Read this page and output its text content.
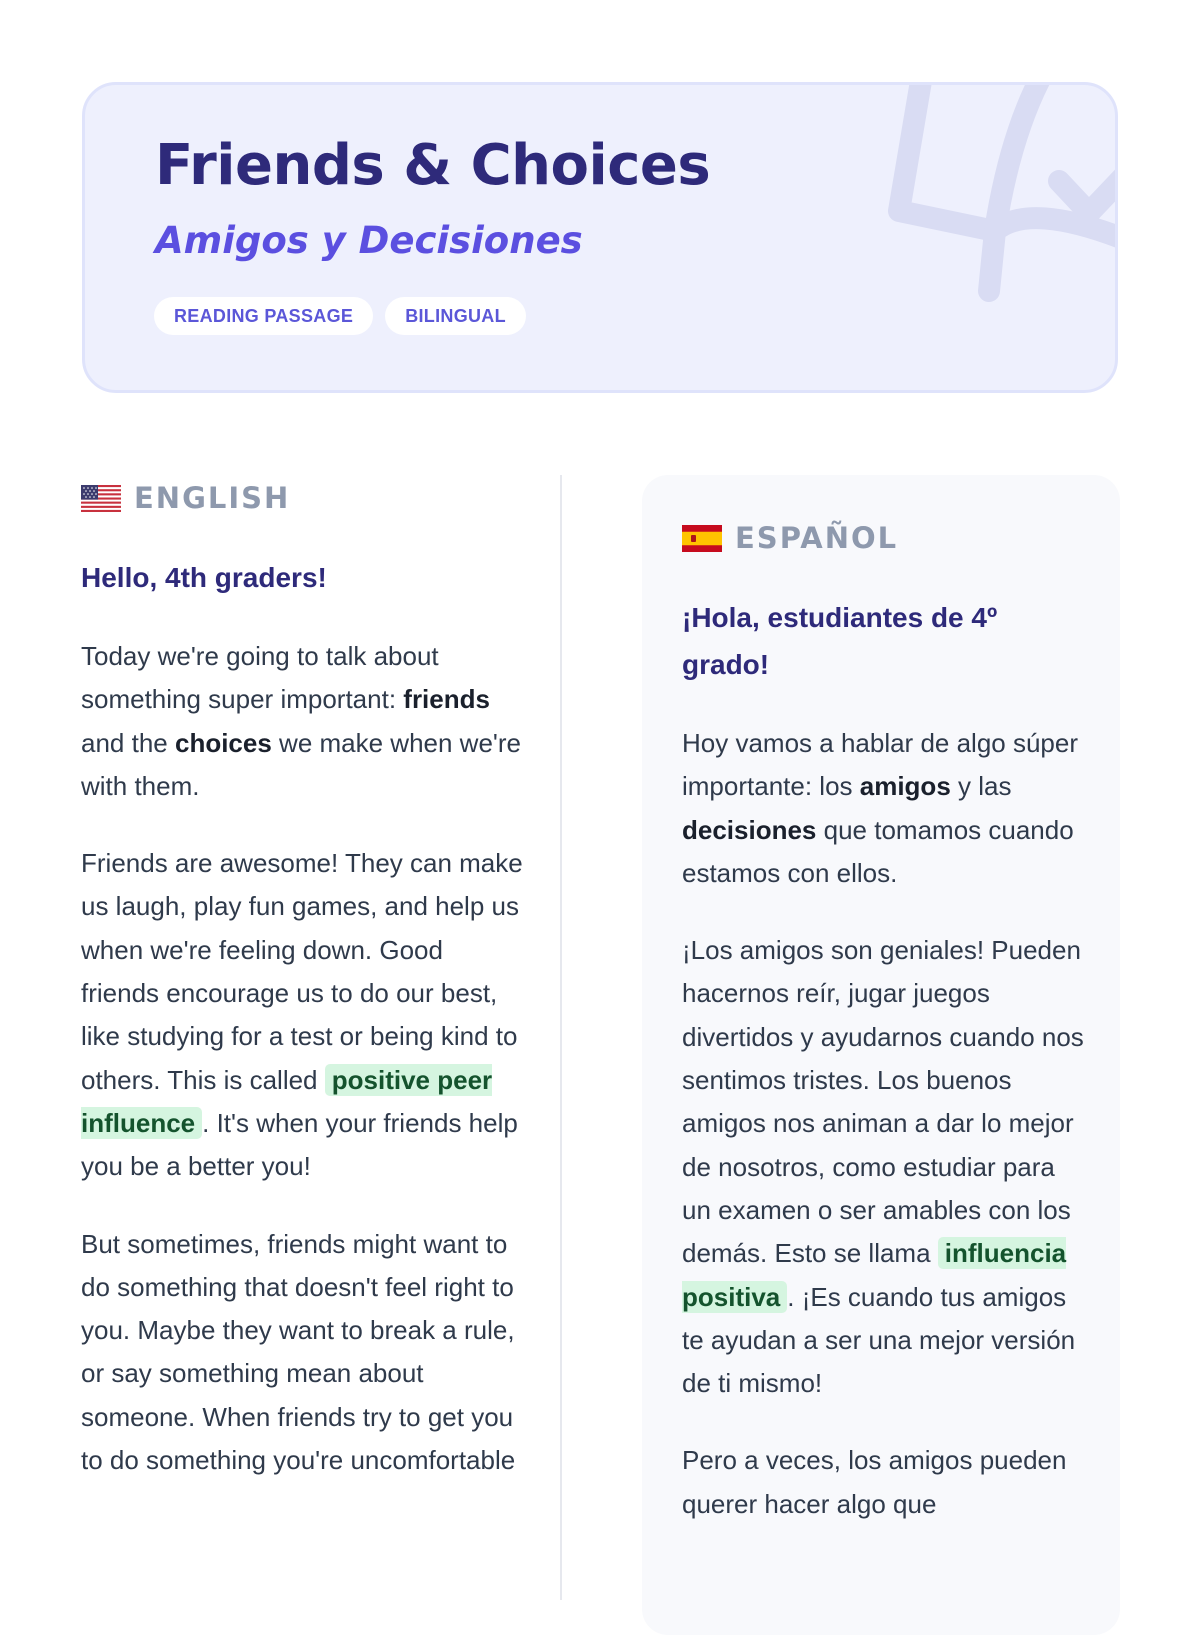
Friends & Choices
Amigos y Decisiones
READING PASSAGE	BILINGUAL
ENGLISH
Hello, 4th graders!

Today we're going to talk about something super important: friends and the choices we make when we're with them.

Friends are awesome! They can make us laugh, play fun games, and help us when we're feeling down. Good friends encourage us to do our best, like studying for a test or being kind to others. This is called positive peer influence . It's when your friends help you be a better you!

But sometimes, friends might want to do something that doesn't feel right to you. Maybe they want to break a rule, or say something mean about someone. When friends try to get you to do something you're uncomfortable

ESPAÑOL
¡Hola, estudiantes de 4º grado!

Hoy vamos a hablar de algo súper importante: los amigos y las decisiones que tomamos cuando estamos con ellos.

¡Los amigos son geniales! Pueden hacernos reír, jugar juegos divertidos y ayudarnos cuando nos sentimos tristes. Los buenos amigos nos animan a dar lo mejor de nosotros, como estudiar para un examen o ser amables con los demás. Esto se llama influencia positiva . ¡Es cuando tus amigos te ayudan a ser una mejor versión de ti mismo!

Pero a veces, los amigos pueden querer hacer algo que
